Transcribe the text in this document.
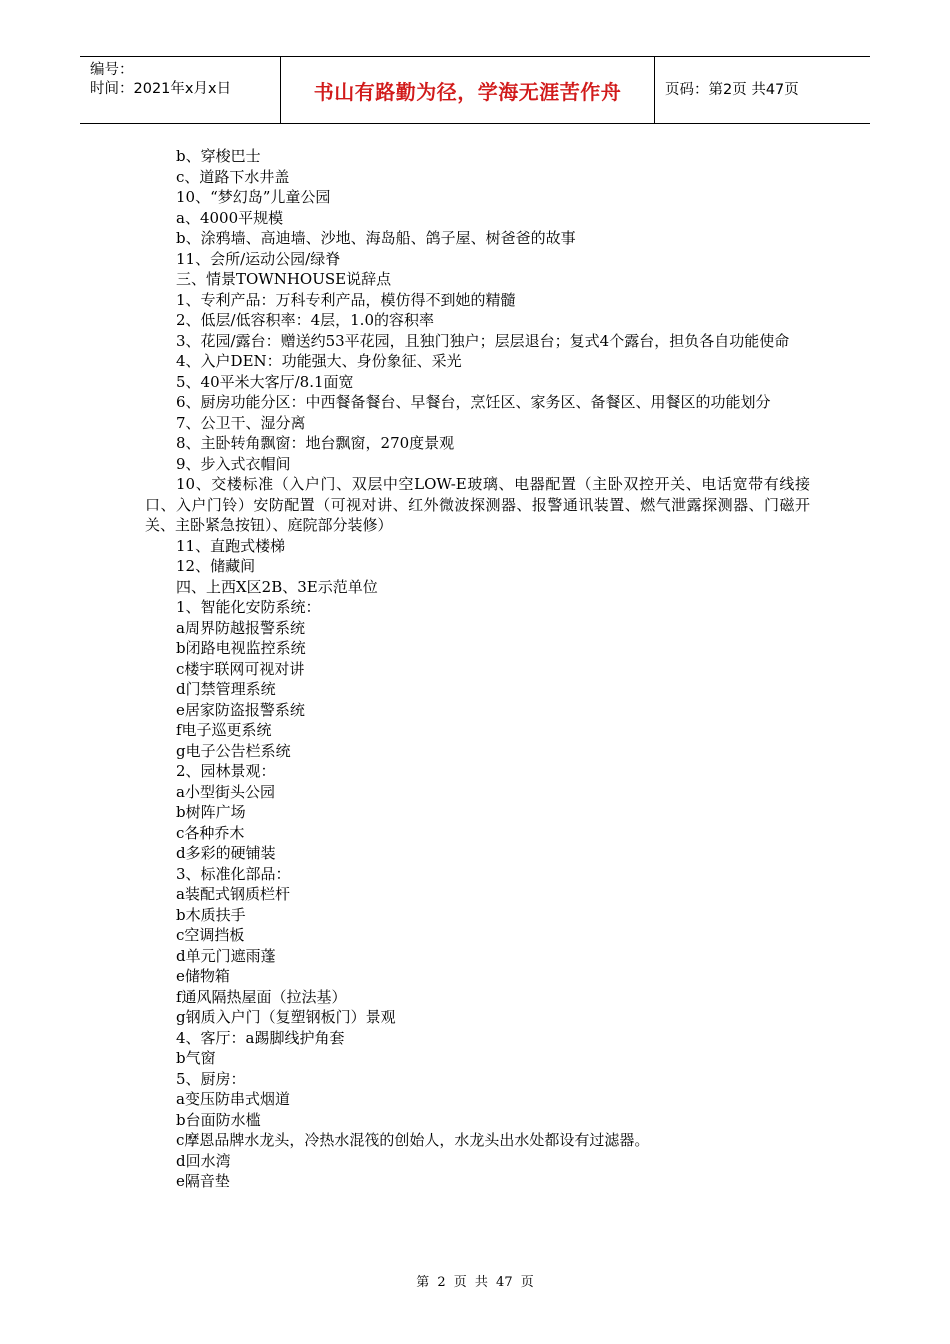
编号：
时间：2021年x月x日	书山有路勤为径，学海无涯苦作舟	页码：第2页 共47页
b、穿梭巴士
c、道路下水井盖
10、“梦幻岛”儿童公园
a、4000平规模
b、涂鸦墙、高迪墙、沙地、海岛船、鸽子屋、树爸爸的故事
11、会所/运动公园/绿脊
三、情景TOWNHOUSE说辞点
1、专利产品：万科专利产品，模仿得不到她的精髓
2、低层/低容积率：4层，1.0的容积率
3、花园/露台：赠送约53平花园，且独门独户；层层退台；复式4个露台，担负各自功能使命
4、入户DEN：功能强大、身份象征、采光
5、40平米大客厅/8.1面宽
6、厨房功能分区：中西餐备餐台、早餐台，烹饪区、家务区、备餐区、用餐区的功能划分
7、公卫干、湿分离
8、主卧转角飘窗：地台飘窗，270度景观
9、步入式衣帽间
10、交楼标准（入户门、双层中空LOW-E玻璃、电器配置（主卧双控开关、电话宽带有线接口、入户门铃）安防配置（可视对讲、红外微波探测器、报警通讯装置、燃气泄露探测器、门磁开关、主卧紧急按钮）、庭院部分装修）
11、直跑式楼梯
12、储藏间
四、上西X区2B、3E示范单位
1、智能化安防系统：
a周界防越报警系统
b闭路电视监控系统
c楼宇联网可视对讲
d门禁管理系统
e居家防盗报警系统
f电子巡更系统
g电子公告栏系统
2、园林景观：
a小型街头公园
b树阵广场
c各种乔木
d多彩的硬铺装
3、标准化部品：
a装配式钢质栏杆
b木质扶手
c空调挡板
d单元门遮雨蓬
e储物箱
f通风隔热屋面（拉法基）
g钢质入户门（复塑钢板门）景观
4、客厅：a踢脚线护角套
b气窗
5、厨房：
a变压防串式烟道
b台面防水槛
c摩恩品牌水龙头，冷热水混筏的创始人，水龙头出水处都设有过滤器。
d回水湾
e隔音垫
第 2 页 共 47 页
